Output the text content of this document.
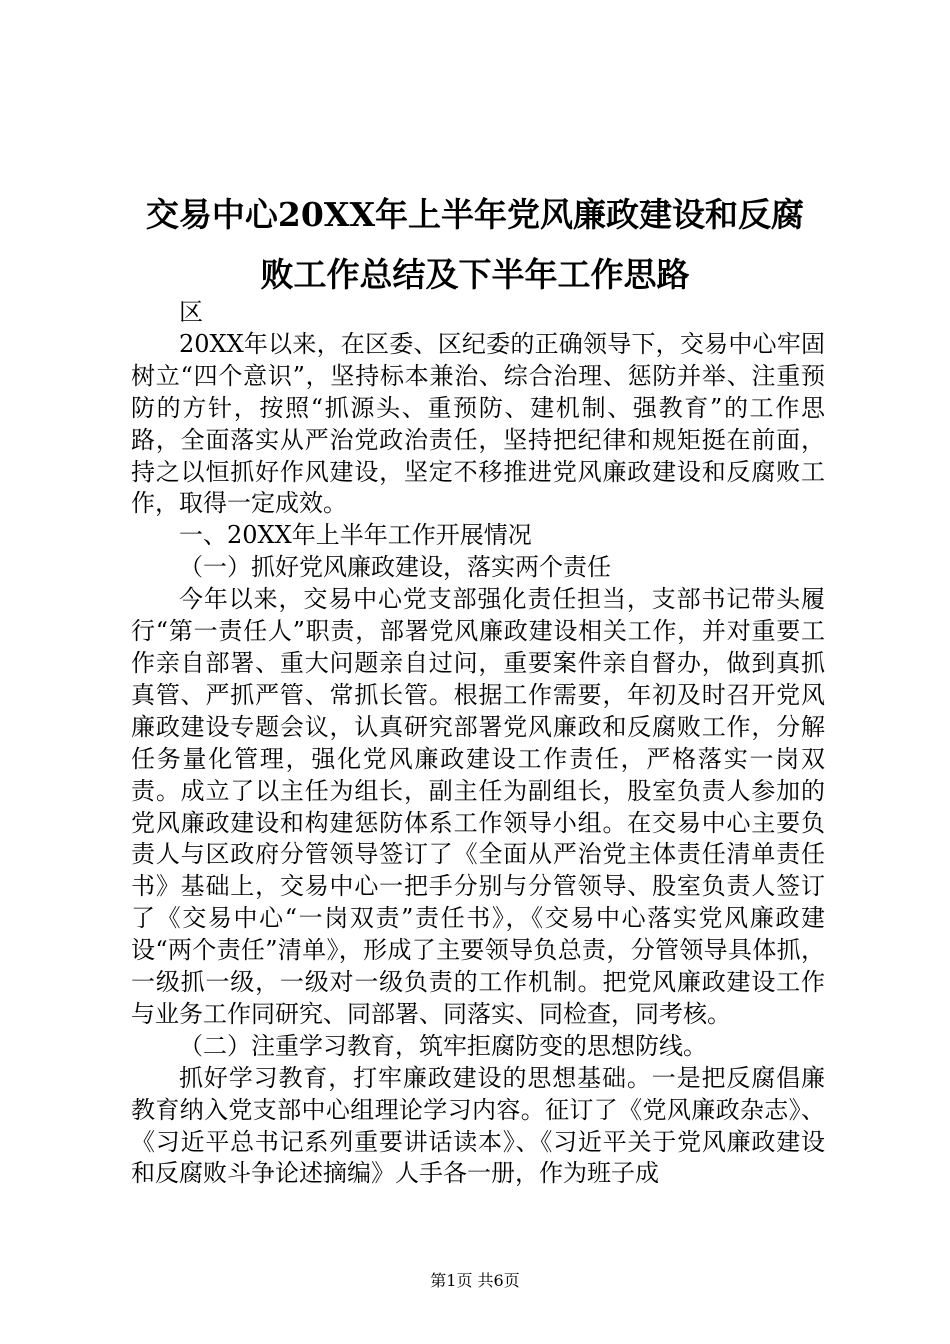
交易中心20XX年上半年党风廉政建设和反腐
败工作总结及下半年工作思路

区

20XX年以来，在区委、区纪委的正确领导下，交易中心牢固树立“四个意识”，坚持标本兼治、综合治理、惩防并举、注重预防的方针，按照“抓源头、重预防、建机制、强教育”的工作思路，全面落实从严治党政治责任，坚持把纪律和规矩挺在前面，持之以恒抓好作风建设，坚定不移推进党风廉政建设和反腐败工作，取得一定成效。

一、20XX年上半年工作开展情况

（一）抓好党风廉政建设，落实两个责任

今年以来，交易中心党支部强化责任担当，支部书记带头履行“第一责任人”职责，部署党风廉政建设相关工作，并对重要工作亲自部署、重大问题亲自过问，重要案件亲自督办，做到真抓真管、严抓严管、常抓长管。根据工作需要，年初及时召开党风廉政建设专题会议，认真研究部署党风廉政和反腐败工作，分解任务量化管理，强化党风廉政建设工作责任，严格落实一岗双责。成立了以主任为组长，副主任为副组长，股室负责人参加的党风廉政建设和构建惩防体系工作领导小组。在交易中心主要负责人与区政府分管领导签订了《全面从严治党主体责任清单责任书》基础上，交易中心一把手分别与分管领导、股室负责人签订了《交易中心“一岗双责”责任书》，《交易中心落实党风廉政建设“两个责任”清单》，形成了主要领导负总责，分管领导具体抓，一级抓一级，一级对一级负责的工作机制。把党风廉政建设工作与业务工作同研究、同部署、同落实、同检查，同考核。

（二）注重学习教育，筑牢拒腐防变的思想防线。

抓好学习教育，打牢廉政建设的思想基础。一是把反腐倡廉教育纳入党支部中心组理论学习内容。征订了《党风廉政杂志》、《习近平总书记系列重要讲话读本》、《习近平关于党风廉政建设和反腐败斗争论述摘编》人手各一册，作为班子成

第1页 共6页
